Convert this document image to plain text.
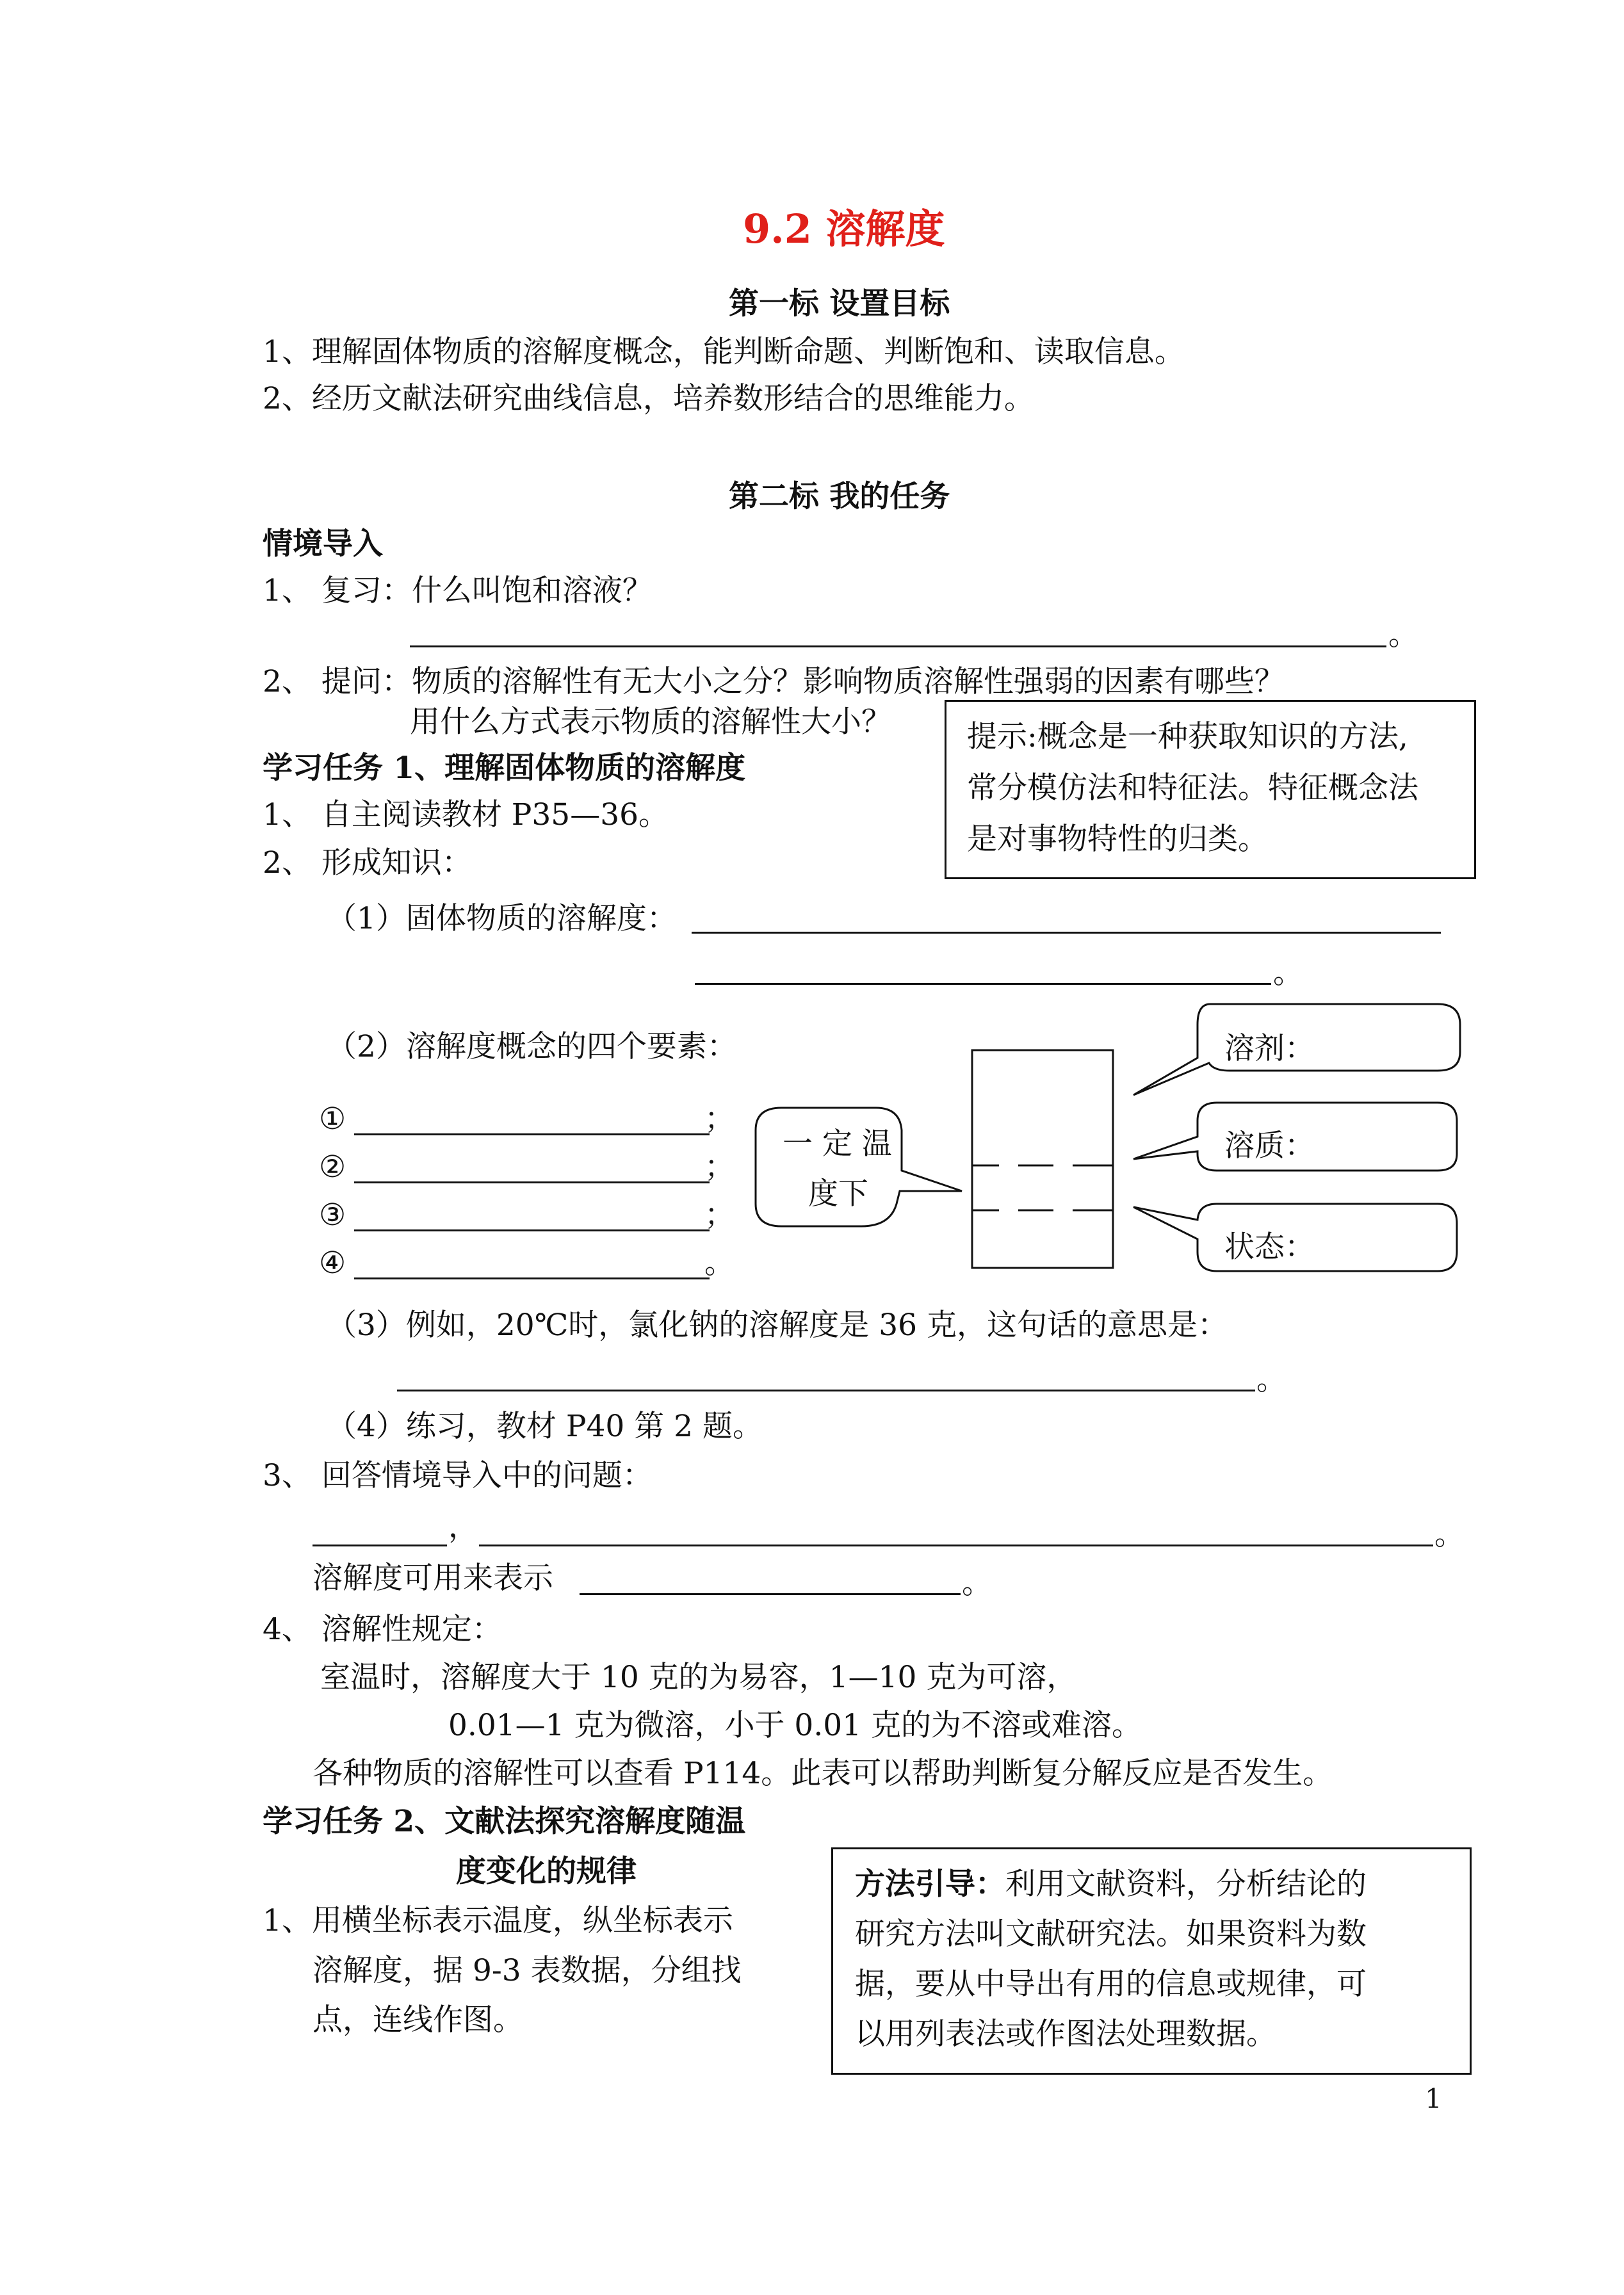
9.2 溶解度
第一标 设置目标
1、理解固体物质的溶解度概念，能判断命题、判断饱和、读取信息。
2、经历文献法研究曲线信息，培养数形结合的思维能力。
第二标 我的任务
情境导入
1、 复习：什么叫饱和溶液？
。
2、 提问：物质的溶解性有无大小之分？影响物质溶解性强弱的因素有哪些？
用什么方式表示物质的溶解性大小？	提示:概念是一种获取知识的方法,
常分模仿法和特征法。特征概念法
是对事物特性的归类。
学习任务 1、理解固体物质的溶解度
1、 自主阅读教材 P35—36。
2、 形成知识：
（1）固体物质的溶解度：
。
（2）溶解度概念的四个要素：
①	；
②	；
③	；
④	。
一 定 温
度下
溶剂：
溶质：
状态：
（3）例如，20℃时，氯化钠的溶解度是 36 克，这句话的意思是：
。
（4）练习，教材 P40 第 2 题。
3、 回答情境导入中的问题：
，	。
溶解度可用来表示	。
4、 溶解性规定：
室温时，溶解度大于 10 克的为易容，1—10 克为可溶，
0.01—1 克为微溶，小于 0.01 克的为不溶或难溶。
各种物质的溶解性可以查看 P114。此表可以帮助判断复分解反应是否发生。
学习任务 2、文献法探究溶解度随温
度变化的规律
1、用横坐标表示温度，纵坐标表示
溶解度，据 9-3 表数据，分组找
点，连线作图。
方法引导：利用文献资料，分析结论的
研究方法叫文献研究法。如果资料为数
据，要从中导出有用的信息或规律，可
以用列表法或作图法处理数据。
1
